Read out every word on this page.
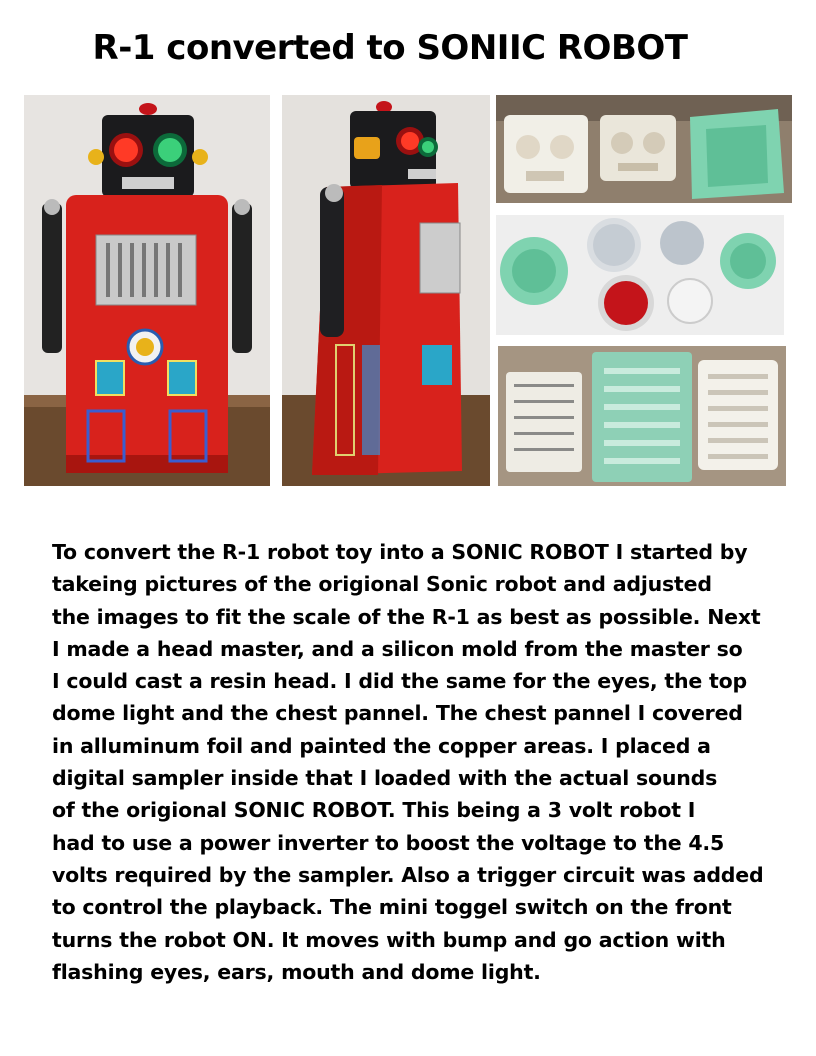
R-1 converted to SONIIC ROBOT
To convert the R-1 robot toy into a SONIC ROBOT I started by
takeing pictures of the origional Sonic robot and adjusted
the images to fit the scale of the R-1 as best as possible. Next
I made a head master, and a silicon mold from the master so
I could cast a resin head. I did the same for the eyes, the top
dome light and the chest pannel. The chest pannel I covered
in alluminum foil and painted the copper areas. I placed a
digital sampler inside that I loaded with the actual sounds
of the origional SONIC ROBOT. This being a 3 volt robot I
had to use a power inverter to boost the voltage to the 4.5
volts required by the sampler. Also a trigger circuit was added
to control the playback. The mini toggel switch on the front
turns the robot ON. It moves with bump and go action with
flashing eyes, ears, mouth and dome light.
